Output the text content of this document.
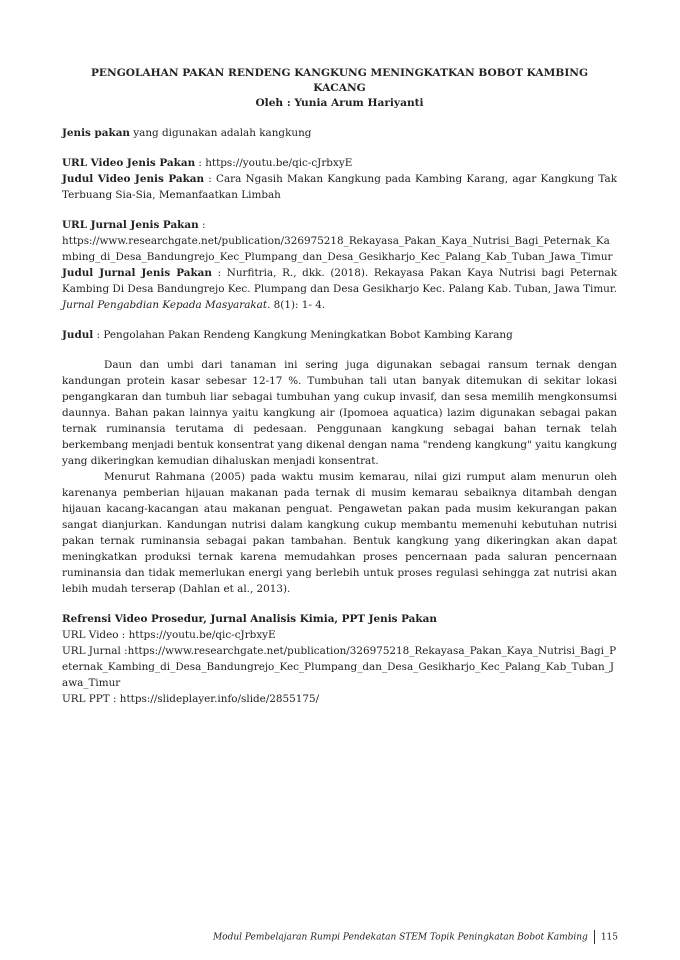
PENGOLAHAN PAKAN RENDENG KANGKUNG MENINGKATKAN BOBOT KAMBING
KACANG
Oleh : Yunia Arum Hariyanti

Jenis pakan yang digunakan adalah kangkung

URL Video Jenis Pakan : https://youtu.be/qic-cJrbxyE

Judul Video Jenis Pakan : Cara Ngasih Makan Kangkung pada Kambing Karang, agar Kangkung Tak Terbuang Sia-Sia, Memanfaatkan Limbah

URL Jurnal Jenis Pakan :

https://www.researchgate.net/publication/326975218_Rekayasa_Pakan_Kaya_Nutrisi_Bagi_Peternak_Kambing_di_Desa_Bandungrejo_Kec_Plumpang_dan_Desa_Gesikharjo_Kec_Palang_Kab_Tuban_Jawa_Timur

Judul Jurnal Jenis Pakan : Nurfitria, R., dkk. (2018). Rekayasa Pakan Kaya Nutrisi bagi Peternak Kambing Di Desa Bandungrejo Kec. Plumpang dan Desa Gesikharjo Kec. Palang Kab. Tuban, Jawa Timur. Jurnal Pengabdian Kepada Masyarakat. 8(1): 1- 4.

Judul : Pengolahan Pakan Rendeng Kangkung Meningkatkan Bobot Kambing Karang

Daun dan umbi dari tanaman ini sering juga digunakan sebagai ransum ternak dengan kandungan protein kasar sebesar 12-17 %. Tumbuhan tali utan banyak ditemukan di sekitar lokasi pengangkaran dan tumbuh liar sebagai tumbuhan yang cukup invasif, dan sesa memilih mengkonsumsi daunnya. Bahan pakan lainnya yaitu kangkung air (Ipomoea aquatica) lazim digunakan sebagai pakan ternak ruminansia terutama di pedesaan. Penggunaan kangkung sebagai bahan ternak telah berkembang menjadi bentuk konsentrat yang dikenal dengan nama "rendeng kangkung" yaitu kangkung yang dikeringkan kemudian dihaluskan menjadi konsentrat.

Menurut Rahmana (2005) pada waktu musim kemarau, nilai gizi rumput alam menurun oleh karenanya pemberian hijauan makanan pada ternak di musim kemarau sebaiknya ditambah dengan hijauan kacang-kacangan atau makanan penguat. Pengawetan pakan pada musim kekurangan pakan sangat dianjurkan. Kandungan nutrisi dalam kangkung cukup membantu memenuhi kebutuhan nutrisi pakan ternak ruminansia sebagai pakan tambahan. Bentuk kangkung yang dikeringkan akan dapat meningkatkan produksi ternak karena memudahkan proses pencernaan pada saluran pencernaan ruminansia dan tidak memerlukan energi yang berlebih untuk proses regulasi sehingga zat nutrisi akan lebih mudah terserap (Dahlan et al., 2013).

Refrensi Video Prosedur, Jurnal Analisis Kimia, PPT Jenis Pakan

URL Video : https://youtu.be/qic-cJrbxyE

URL Jurnal :https://www.researchgate.net/publication/326975218_Rekayasa_Pakan_Kaya_Nutrisi_Bagi_Peternak_Kambing_di_Desa_Bandungrejo_Kec_Plumpang_dan_Desa_Gesikharjo_Kec_Palang_Kab_Tuban_Jawa_Timur

URL PPT : https://slideplayer.info/slide/2855175/

Modul Pembelajaran Rumpi Pendekatan STEM Topik Peningkatan Bobot Kambing 115
